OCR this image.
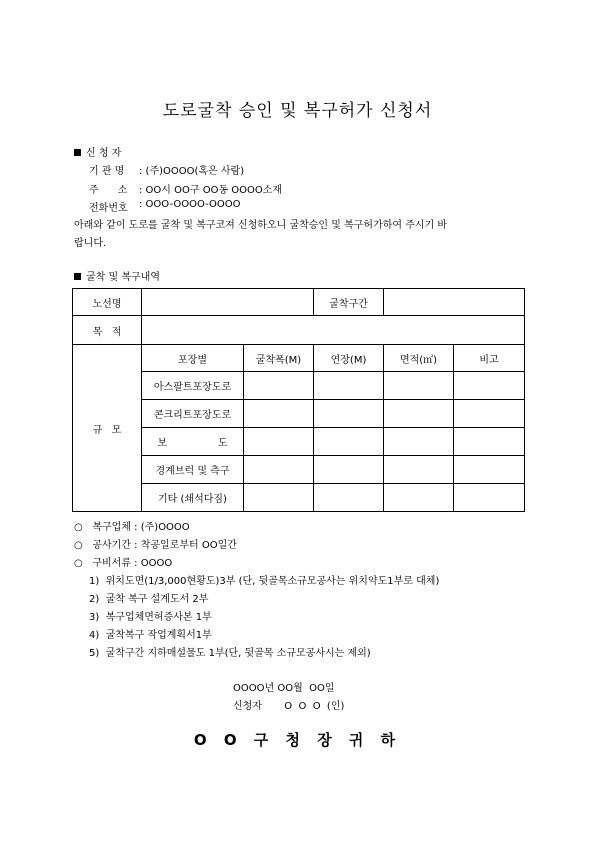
도로굴착 승인 및 복구허가 신청서
신 청 자
기 관 명 : (주)OOOO(혹은 사람)
주      소 : OO시 OO구 OO동 OOOO소재
전화번호 : OOO-OOOO-OOOO
아래와 같이 도로를 굴착 및 복구코져 신청하오니 굴착승인 및 복구허가하여 주시기 바
랍니다.
굴착 및 복구내역
노선명			굴착구간		
목   적					
규   모	포장별	굴착폭(M)	연장(M)	면적(㎡)	비고
	아스팔트포장도로				
	콘크리트포장도로				
	보                도				
	경계브럭 및 측구				
	기타 (쇄석다짐)				
○ 복구업체 : (주)OOOO
○ 공사기간 : 착공일로부터 OO일간
○ 구비서류 : OOOO
1)  위치도면(1/3,000현황도)3부 (단, 뒷골목소규모공사는 위치약도1부로 대체)
2)  굴착 복구 설계도서 2부
3)  복구업체면허증사본 1부
4)  굴착복구 작업계획서1부
5)  굴착구간 지하매설물도 1부(단, 뒷골목 소규모공사시는 제외)
OOOO년 OO월  OO일
신청자       O  O  O  (인)
O O 구 청 장 귀 하
